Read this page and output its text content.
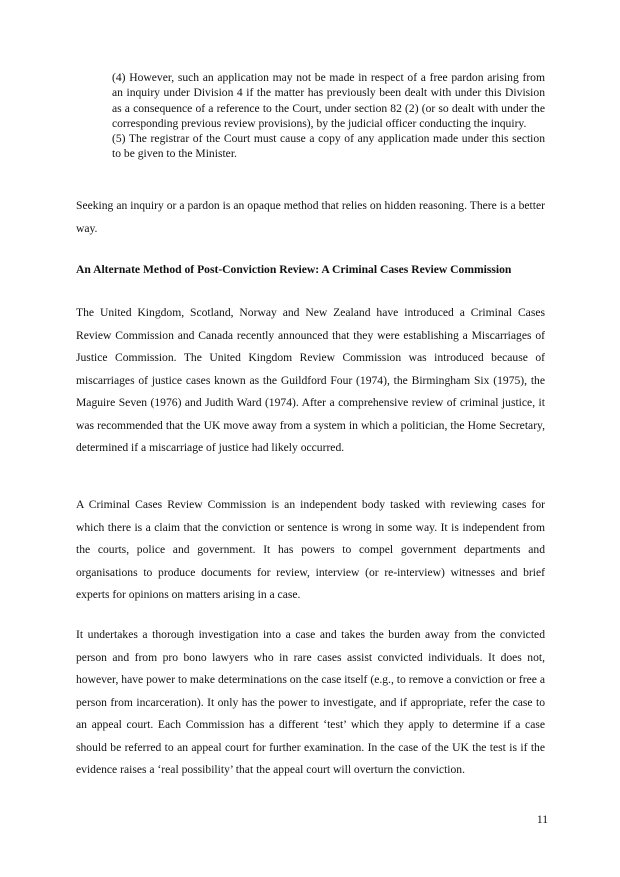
(4) However, such an application may not be made in respect of a free pardon arising from an inquiry under Division 4 if the matter has previously been dealt with under this Division as a consequence of a reference to the Court, under section 82 (2) (or so dealt with under the corresponding previous review provisions), by the judicial officer conducting the inquiry.

(5) The registrar of the Court must cause a copy of any application made under this section to be given to the Minister.

Seeking an inquiry or a pardon is an opaque method that relies on hidden reasoning. There is a better way.

An Alternate Method of Post-Conviction Review: A Criminal Cases Review Commission

The United Kingdom, Scotland, Norway and New Zealand have introduced a Criminal Cases Review Commission and Canada recently announced that they were establishing a Miscarriages of Justice Commission. The United Kingdom Review Commission was introduced because of miscarriages of justice cases known as the Guildford Four (1974), the Birmingham Six (1975), the Maguire Seven (1976) and Judith Ward (1974). After a comprehensive review of criminal justice, it was recommended that the UK move away from a system in which a politician, the Home Secretary, determined if a miscarriage of justice had likely occurred.

A Criminal Cases Review Commission is an independent body tasked with reviewing cases for which there is a claim that the conviction or sentence is wrong in some way. It is independent from the courts, police and government. It has powers to compel government departments and organisations to produce documents for review, interview (or re-interview) witnesses and brief experts for opinions on matters arising in a case.

It undertakes a thorough investigation into a case and takes the burden away from the convicted person and from pro bono lawyers who in rare cases assist convicted individuals. It does not, however, have power to make determinations on the case itself (e.g., to remove a conviction or free a person from incarceration). It only has the power to investigate, and if appropriate, refer the case to an appeal court. Each Commission has a different ‘test’ which they apply to determine if a case should be referred to an appeal court for further examination. In the case of the UK the test is if the evidence raises a ‘real possibility’ that the appeal court will overturn the conviction.

11
